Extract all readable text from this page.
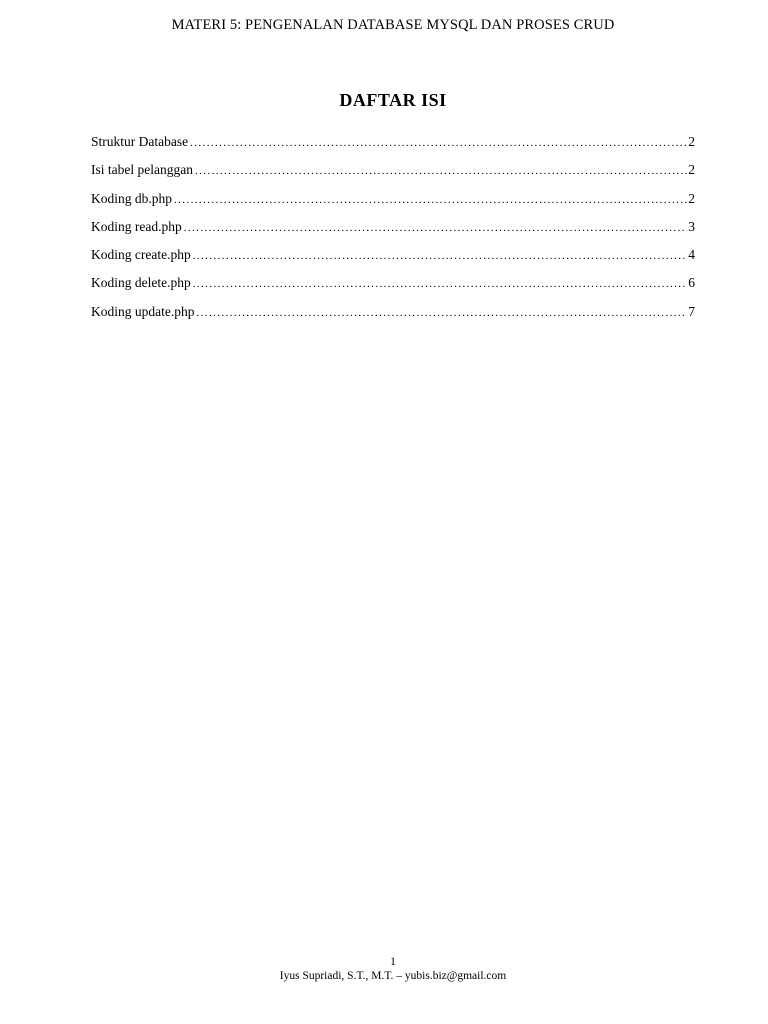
MATERI 5: PENGENALAN DATABASE MYSQL DAN PROSES CRUD
DAFTAR ISI
Struktur Database .....	2
Isi tabel pelanggan .....	2
Koding db.php .....	2
Koding read.php .....	3
Koding create.php .....	4
Koding delete.php .....	6
Koding update.php .....	7
1
Iyus Supriadi, S.T., M.T. – yubis.biz@gmail.com
